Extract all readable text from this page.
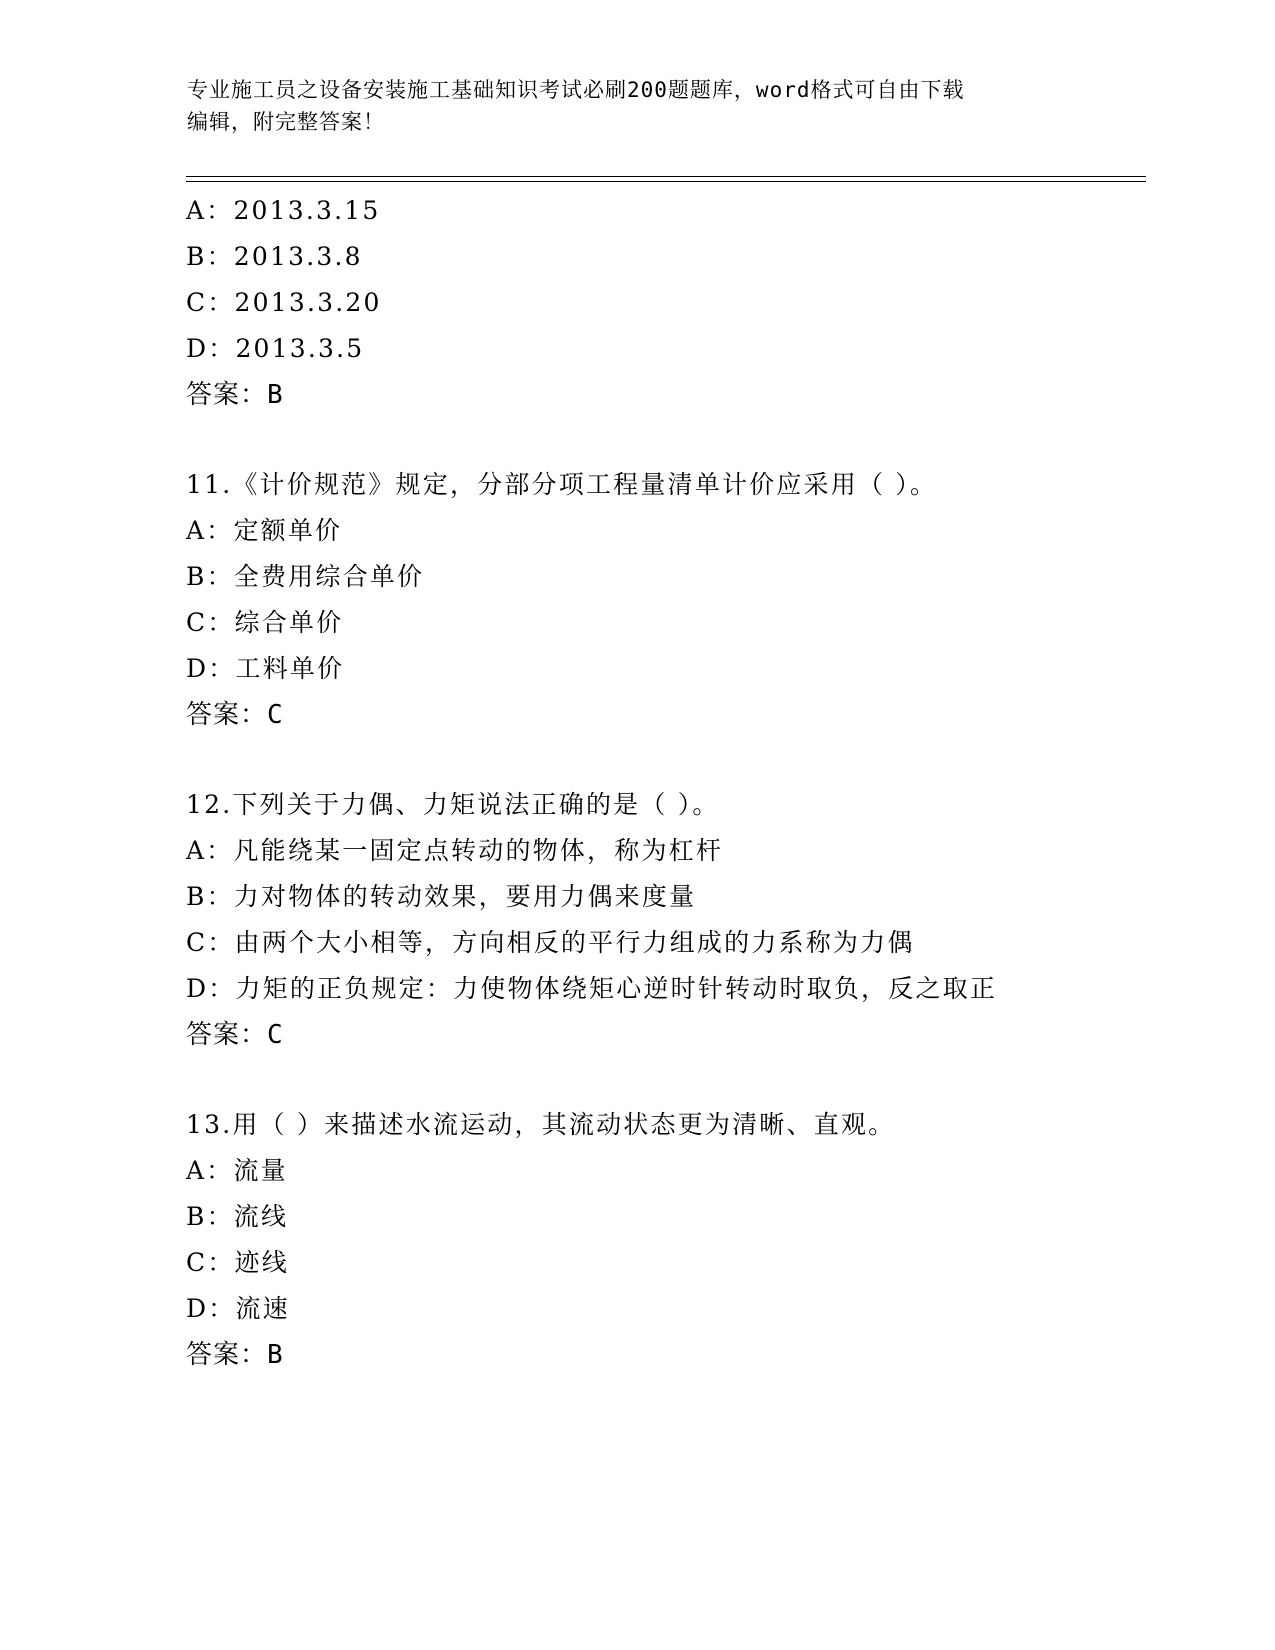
专业施工员之设备安装施工基础知识考试必刷200题题库，word格式可自由下载
编辑，附完整答案！
A：2013.3.15
B：2013.3.8
C：2013.3.20
D：2013.3.5
答案：B
11.《计价规范》规定，分部分项工程量清单计价应采用（ ）。
A：定额单价
B：全费用综合单价
C：综合单价
D：工料单价
答案：C
12.下列关于力偶、力矩说法正确的是（ ）。
A：凡能绕某一固定点转动的物体，称为杠杆
B：力对物体的转动效果，要用力偶来度量
C：由两个大小相等，方向相反的平行力组成的力系称为力偶
D：力矩的正负规定：力使物体绕矩心逆时针转动时取负，反之取正
答案：C
13.用（ ）来描述水流运动，其流动状态更为清晰、直观。
A：流量
B：流线
C：迹线
D：流速
答案：B
